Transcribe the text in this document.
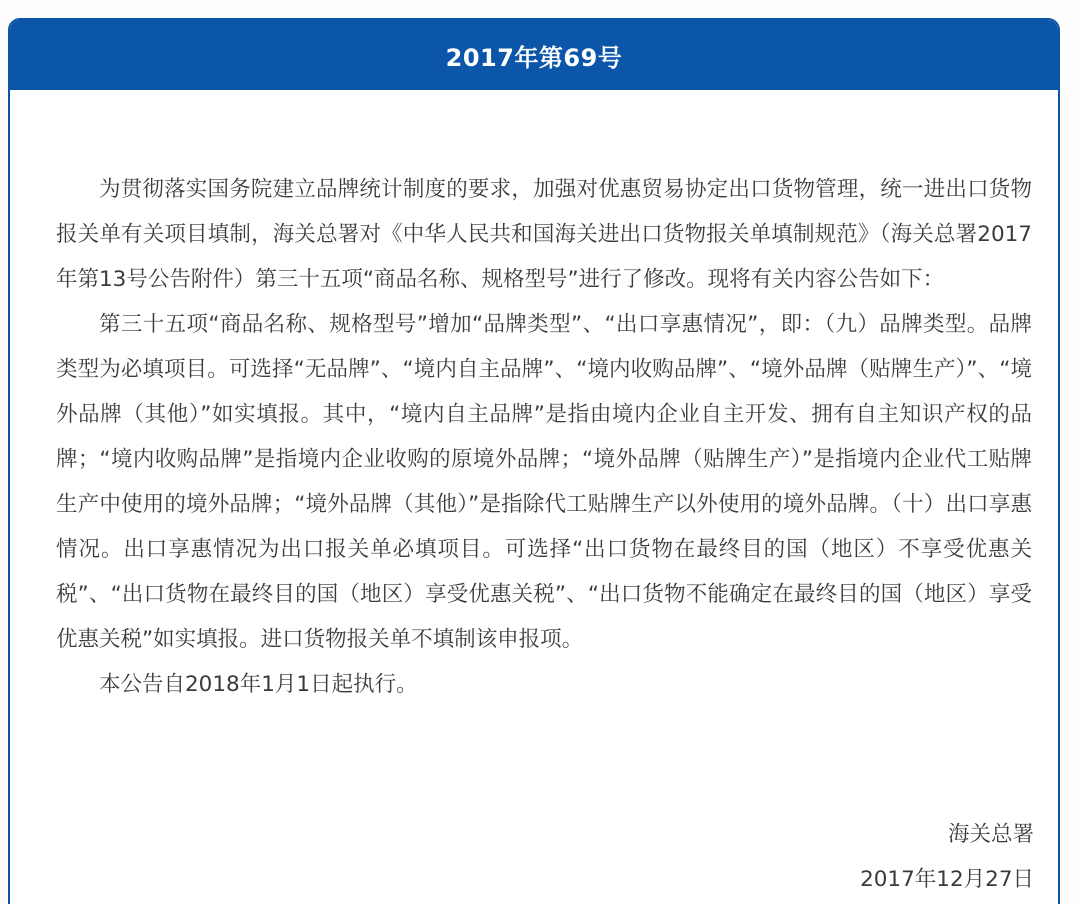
2017年第69号

为贯彻落实国务院建立品牌统计制度的要求，加强对优惠贸易协定出口货物管理，统一进出口货物报关单有关项目填制，海关总署对《中华人民共和国海关进出口货物报关单填制规范》（海关总署2017年第13号公告附件）第三十五项“商品名称、规格型号”进行了修改。现将有关内容公告如下：

第三十五项“商品名称、规格型号”增加“品牌类型”、“出口享惠情况”，即：（九）品牌类型。品牌类型为必填项目。可选择“无品牌”、“境内自主品牌”、“境内收购品牌”、“境外品牌（贴牌生产）”、“境外品牌（其他）”如实填报。其中，“境内自主品牌”是指由境内企业自主开发、拥有自主知识产权的品牌；“境内收购品牌”是指境内企业收购的原境外品牌；“境外品牌（贴牌生产）”是指境内企业代工贴牌生产中使用的境外品牌；“境外品牌（其他）”是指除代工贴牌生产以外使用的境外品牌。（十）出口享惠情况。出口享惠情况为出口报关单必填项目。可选择“出口货物在最终目的国（地区）不享受优惠关税”、“出口货物在最终目的国（地区）享受优惠关税”、“出口货物不能确定在最终目的国（地区）享受优惠关税”如实填报。进口货物报关单不填制该申报项。

本公告自2018年1月1日起执行。

海关总署
2017年12月27日
